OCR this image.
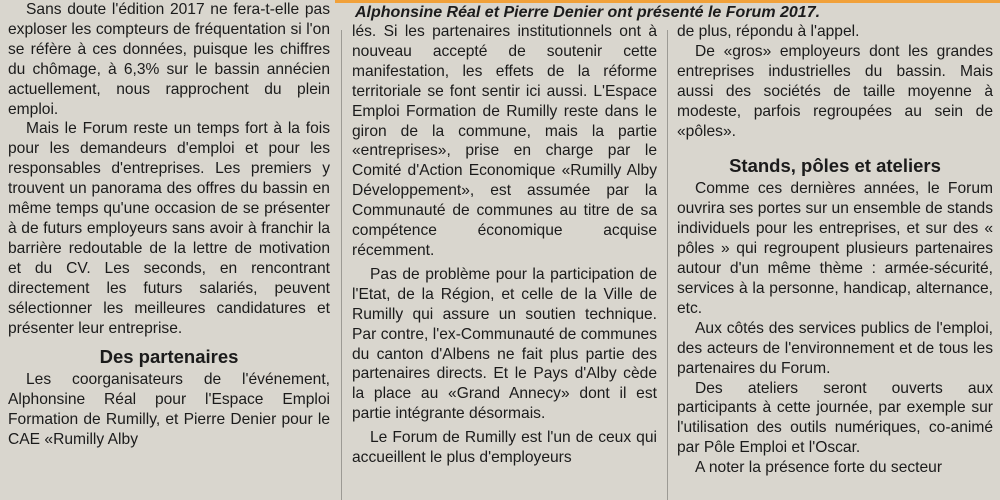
Alphonsine Réal et Pierre Denier ont présenté le Forum 2017.

Sans doute l'édition 2017 ne fera-t-elle pas exploser les compteurs de fréquentation si l'on se réfère à ces données, puisque les chiffres du chômage, à 6,3% sur le bassin annécien actuellement, nous rapprochent du plein emploi.

Mais le Forum reste un temps fort à la fois pour les demandeurs d'emploi et pour les responsables d'entreprises. Les premiers y trouvent un panorama des offres du bassin en même temps qu'une occasion de se présenter à de futurs employeurs sans avoir à franchir la barrière redoutable de la lettre de motivation et du CV. Les seconds, en rencontrant directement les futurs salariés, peuvent sélectionner les meilleures candidatures et présenter leur entreprise.

Des partenaires

Les coorganisateurs de l'événement, Alphonsine Réal pour l'Espace Emploi Formation de Rumilly, et Pierre Denier pour le CAE «Rumilly Alby

lés. Si les partenaires institutionnels ont à nouveau accepté de soutenir cette manifestation, les effets de la réforme territoriale se font sentir ici aussi. L'Espace Emploi Formation de Rumilly reste dans le giron de la commune, mais la partie «entreprises», prise en charge par le Comité d'Action Economique «Rumilly Alby Développement», est assumée par la Communauté de communes au titre de sa compétence économique acquise récemment.

Pas de problème pour la participation de l'Etat, de la Région, et celle de la Ville de Rumilly qui assure un soutien technique. Par contre, l'ex-Communauté de communes du canton d'Albens ne fait plus partie des partenaires directs. Et le Pays d'Alby cède la place au «Grand Annecy» dont il est partie intégrante désormais.

Le Forum de Rumilly est l'un de ceux qui accueillent le plus d'employeurs

de plus, répondu à l'appel.

De «gros» employeurs dont les grandes entreprises industrielles du bassin. Mais aussi des sociétés de taille moyenne à modeste, parfois regroupées au sein de «pôles».

Stands, pôles et ateliers

Comme ces dernières années, le Forum ouvrira ses portes sur un ensemble de stands individuels pour les entreprises, et sur des « pôles » qui regroupent plusieurs partenaires autour d'un même thème : armée-sécurité, services à la personne, handicap, alternance, etc.

Aux côtés des services publics de l'emploi, des acteurs de l'environnement et de tous les partenaires du Forum.

Des ateliers seront ouverts aux participants à cette journée, par exemple sur l'utilisation des outils numériques, co-animé par Pôle Emploi et l'Oscar.

A noter la présence forte du secteur
